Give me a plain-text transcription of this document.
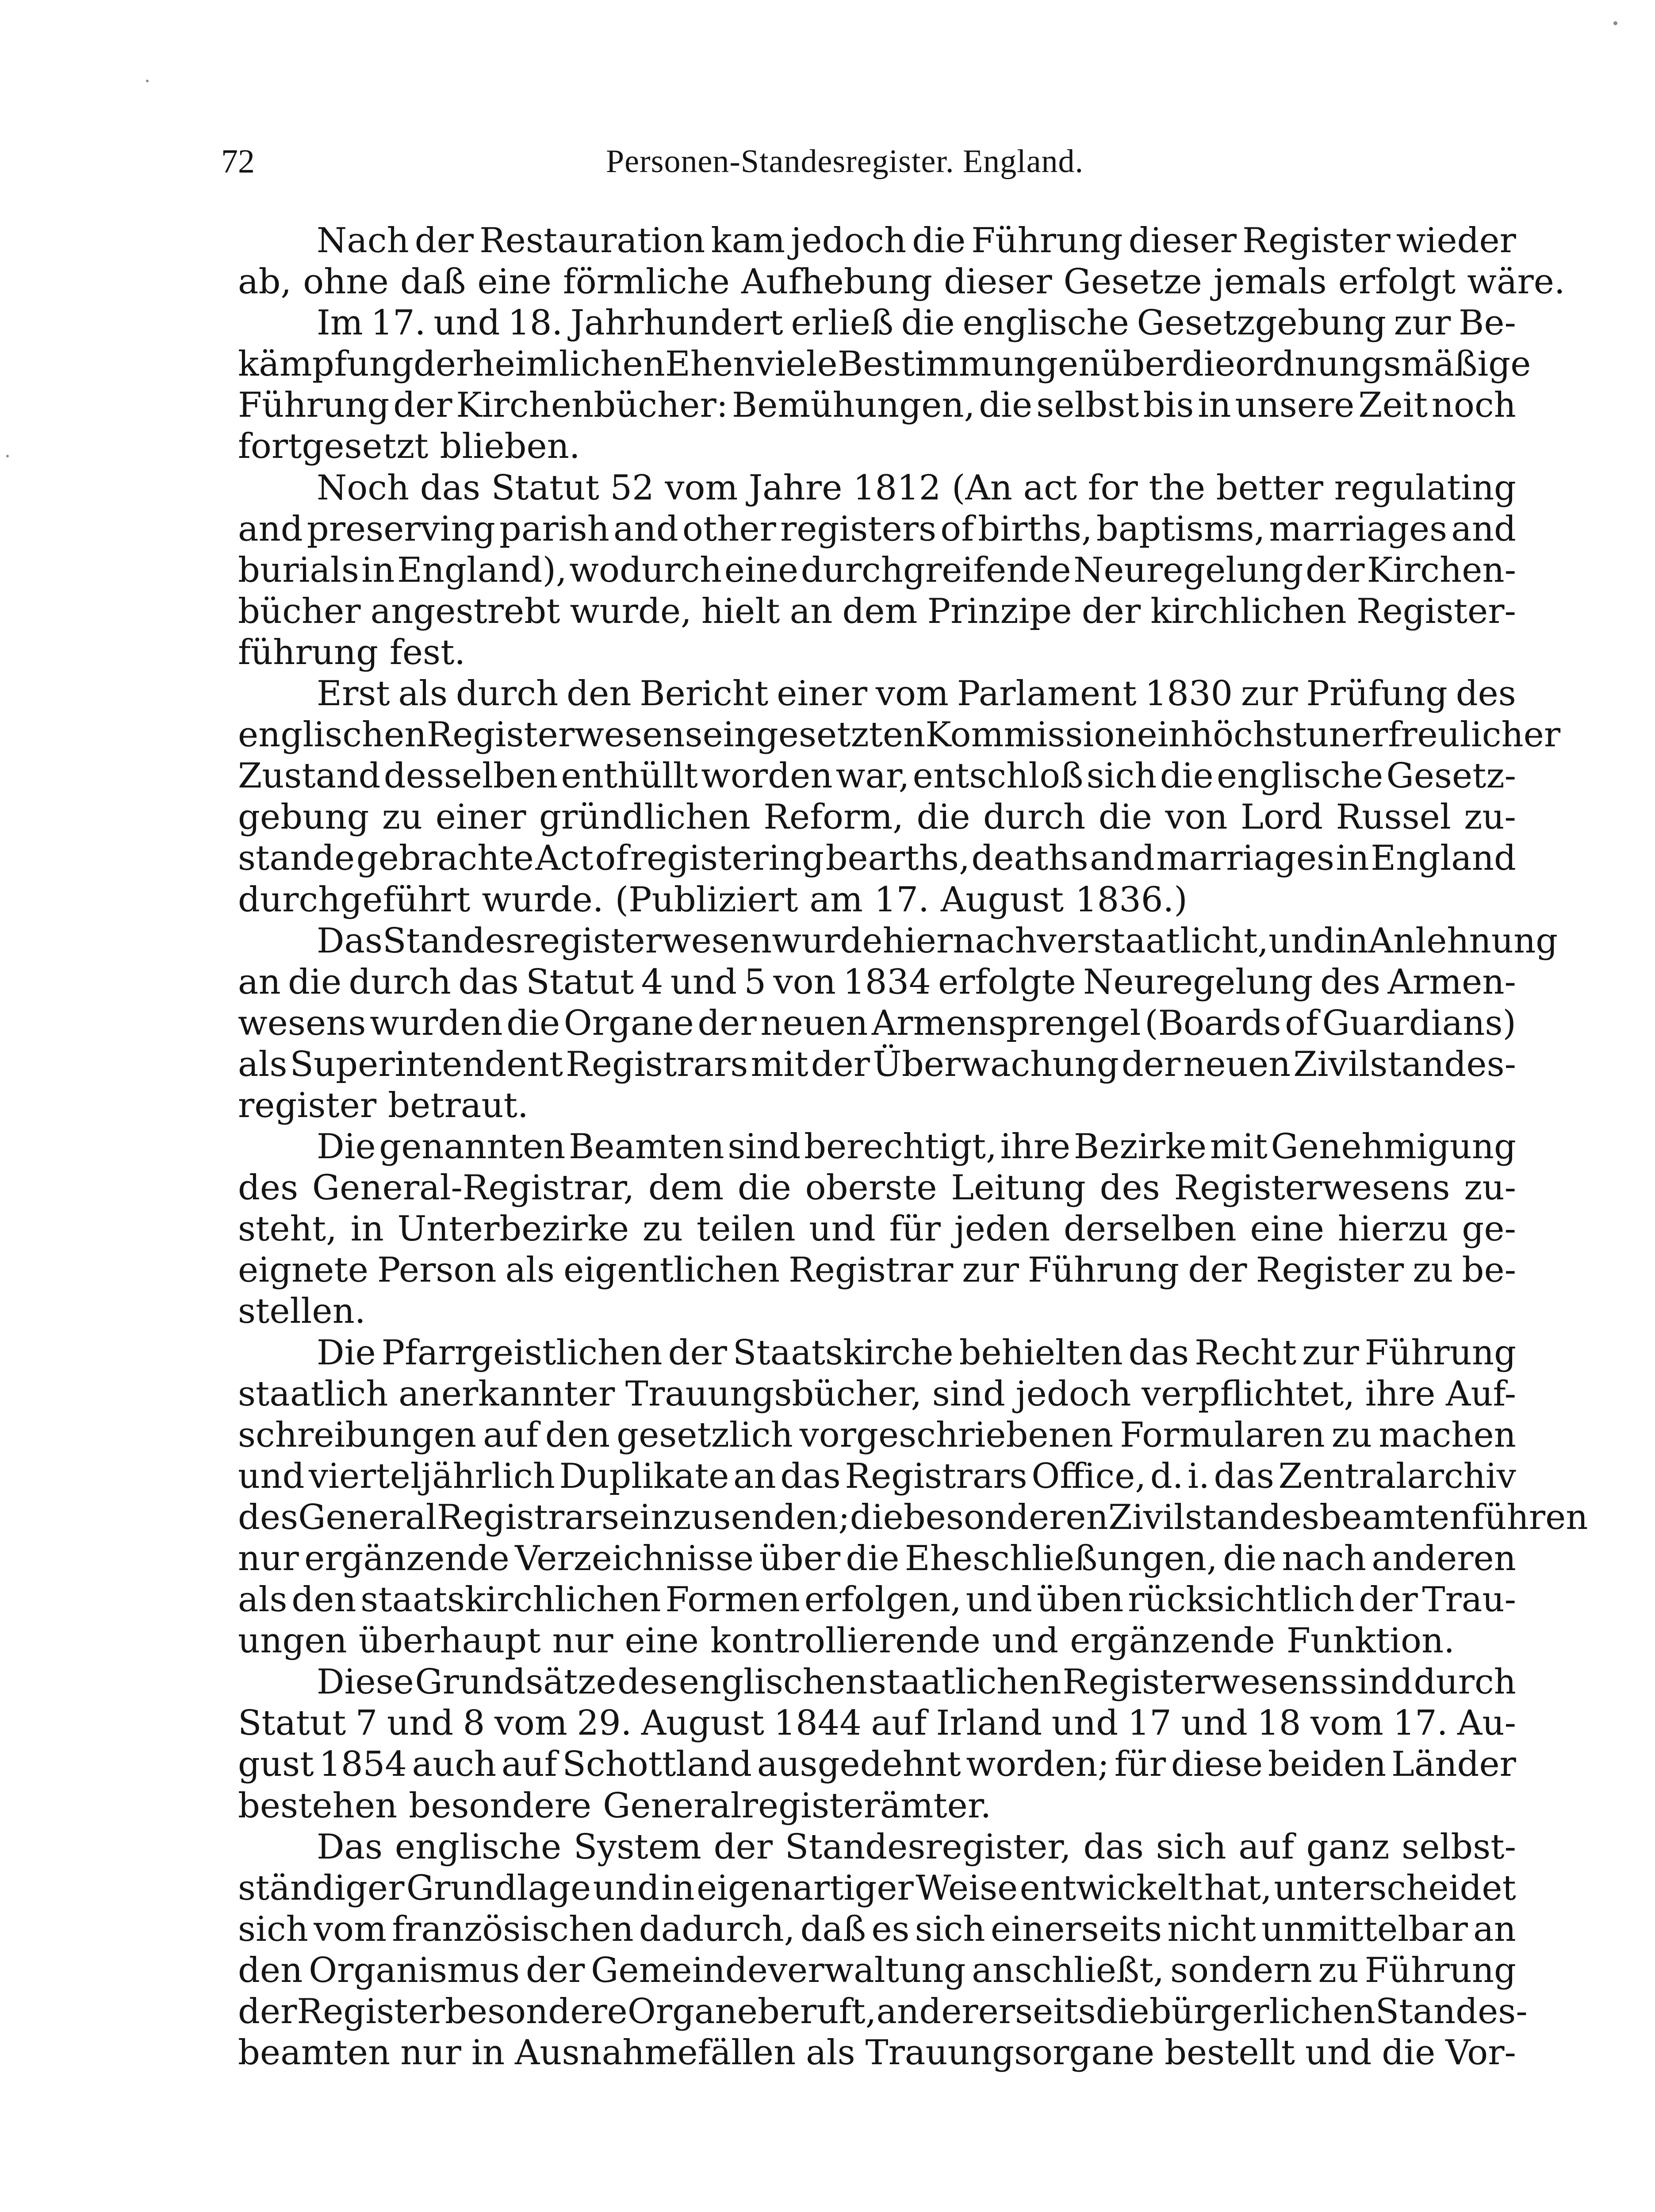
72	Personen-Standesregister. England.
Nach der Restauration kam jedoch die Führung dieser Register wieder
ab, ohne daß eine förmliche Aufhebung dieser Gesetze jemals erfolgt wäre.
Im 17. und 18. Jahrhundert erließ die englische Gesetzgebung zur Be-
kämpfung der heimlichen Ehen viele Bestimmungen über die ordnungsmäßige
Führung der Kirchenbücher: Bemühungen, die selbst bis in unsere Zeit noch
fortgesetzt blieben.
Noch das Statut 52 vom Jahre 1812 (An act for the better regulating
and preserving parish and other registers of births, baptisms, marriages and
burials in England), wodurch eine durchgreifende Neuregelung der Kirchen-
bücher angestrebt wurde, hielt an dem Prinzipe der kirchlichen Register-
führung fest.
Erst als durch den Bericht einer vom Parlament 1830 zur Prüfung des
englischen Registerwesens eingesetzten Kommission ein höchst unerfreulicher
Zustand desselben enthüllt worden war, entschloß sich die englische Gesetz-
gebung zu einer gründlichen Reform, die durch die von Lord Russel zu-
stande gebrachte Act of registering bearths, deaths and marriages in England
durchgeführt wurde. (Publiziert am 17. August 1836.)
Das Standesregisterwesen wurde hiernach verstaatlicht, und in Anlehnung
an die durch das Statut 4 und 5 von 1834 erfolgte Neuregelung des Armen-
wesens wurden die Organe der neuen Armensprengel (Boards of Guardians)
als Superintendent Registrars mit der Überwachung der neuen Zivilstandes-
register betraut.
Die genannten Beamten sind berechtigt, ihre Bezirke mit Genehmigung
des General-Registrar, dem die oberste Leitung des Registerwesens zu-
steht, in Unterbezirke zu teilen und für jeden derselben eine hierzu ge-
eignete Person als eigentlichen Registrar zur Führung der Register zu be-
stellen.
Die Pfarrgeistlichen der Staatskirche behielten das Recht zur Führung
staatlich anerkannter Trauungsbücher, sind jedoch verpflichtet, ihre Auf-
schreibungen auf den gesetzlich vorgeschriebenen Formularen zu machen
und vierteljährlich Duplikate an das Registrars Office, d. i. das Zentralarchiv
des General Registrars einzusenden; die besonderen Zivilstandesbeamten führen
nur ergänzende Verzeichnisse über die Eheschließungen, die nach anderen
als den staatskirchlichen Formen erfolgen, und üben rücksichtlich der Trau-
ungen überhaupt nur eine kontrollierende und ergänzende Funktion.
Diese Grundsätze des englischen staatlichen Registerwesens sind durch
Statut 7 und 8 vom 29. August 1844 auf Irland und 17 und 18 vom 17. Au-
gust 1854 auch auf Schottland ausgedehnt worden; für diese beiden Länder
bestehen besondere Generalregisterämter.
Das englische System der Standesregister, das sich auf ganz selbst-
ständiger Grundlage und in eigenartiger Weise entwickelt hat, unterscheidet
sich vom französischen dadurch, daß es sich einerseits nicht unmittelbar an
den Organismus der Gemeindeverwaltung anschließt, sondern zu Führung
der Register besondere Organe beruft, andererseits die bürgerlichen Standes-
beamten nur in Ausnahmefällen als Trauungsorgane bestellt und die Vor-
